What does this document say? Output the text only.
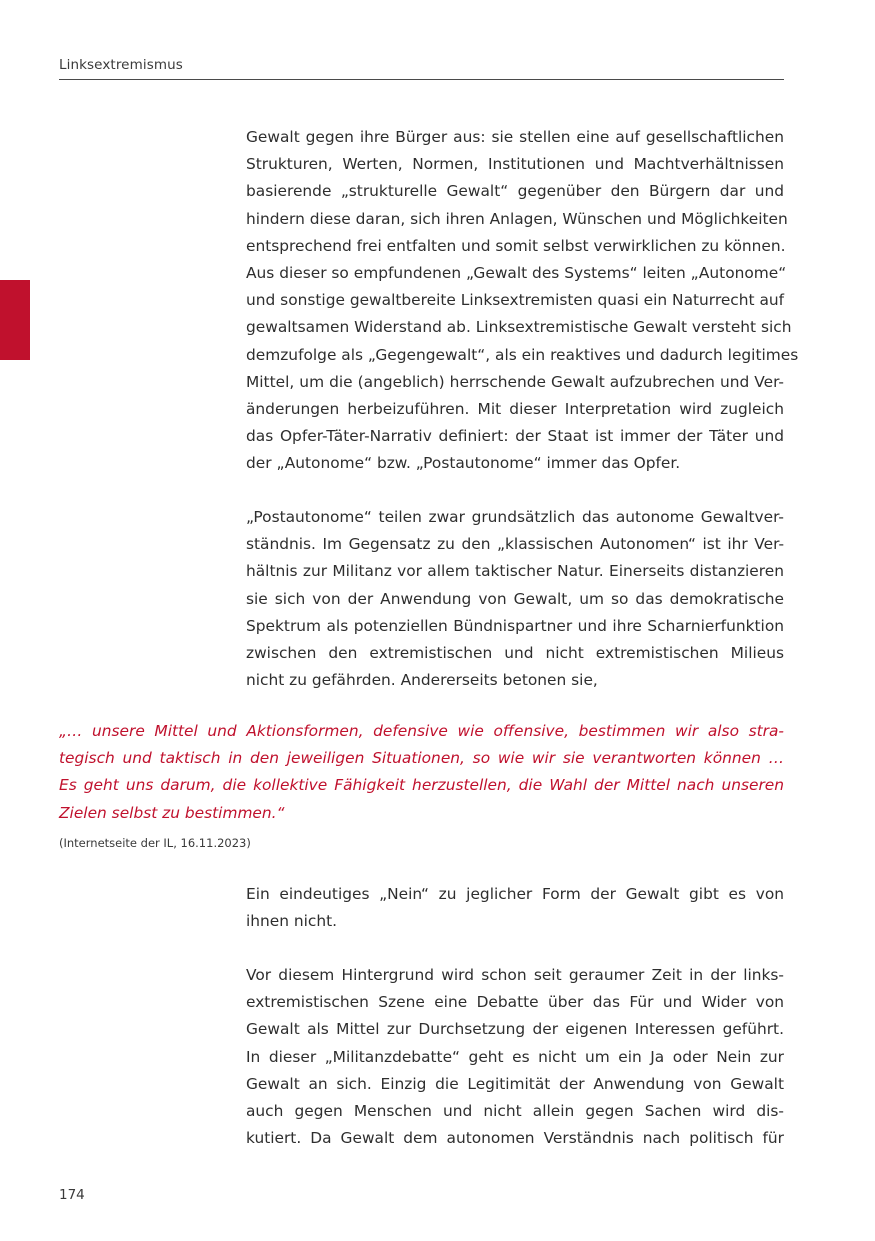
Linksextremismus
Gewalt gegen ihre Bürger aus: sie stellen eine auf gesellschaftlichen
Strukturen, Werten, Normen, Institutionen und Machtverhältnissen
basierende „strukturelle Gewalt“ gegenüber den Bürgern dar und
hindern diese daran, sich ihren Anlagen, Wünschen und Möglichkeiten
entsprechend frei entfalten und somit selbst verwirklichen zu können.
Aus dieser so empfundenen „Gewalt des Systems“ leiten „Autonome“
und sonstige gewaltbereite Linksextremisten quasi ein Naturrecht auf
gewaltsamen Widerstand ab. Linksextremistische Gewalt versteht sich
demzufolge als „Gegengewalt“, als ein reaktives und dadurch legitimes
Mittel, um die (angeblich) herrschende Gewalt aufzubrechen und Ver-
änderungen herbeizuführen. Mit dieser Interpretation wird zugleich
das Opfer-Täter-Narrativ definiert: der Staat ist immer der Täter und
der „Autonome“ bzw. „Postautonome“ immer das Opfer.
„Postautonome“ teilen zwar grundsätzlich das autonome Gewaltver-
ständnis. Im Gegensatz zu den „klassischen Autonomen“ ist ihr Ver-
hältnis zur Militanz vor allem taktischer Natur. Einerseits distanzieren
sie sich von der Anwendung von Gewalt, um so das demokratische
Spektrum als potenziellen Bündnispartner und ihre Scharnierfunktion
zwischen den extremistischen und nicht extremistischen Milieus
nicht zu gefährden. Andererseits betonen sie,
„… unsere Mittel und Aktionsformen, defensive wie offensive, bestimmen wir also stra-
tegisch und taktisch in den jeweiligen Situationen, so wie wir sie verantworten können …
Es geht uns darum, die kollektive Fähigkeit herzustellen, die Wahl der Mittel nach unseren
Zielen selbst zu bestimmen.“
(Internetseite der IL, 16.11.2023)
Ein eindeutiges „Nein“ zu jeglicher Form der Gewalt gibt es von
ihnen nicht.
Vor diesem Hintergrund wird schon seit geraumer Zeit in der links-
extremistischen Szene eine Debatte über das Für und Wider von
Gewalt als Mittel zur Durchsetzung der eigenen Interessen geführt.
In dieser „Militanzdebatte“ geht es nicht um ein Ja oder Nein zur
Gewalt an sich. Einzig die Legitimität der Anwendung von Gewalt
auch gegen Menschen und nicht allein gegen Sachen wird dis-
kutiert. Da Gewalt dem autonomen Verständnis nach politisch für
174
